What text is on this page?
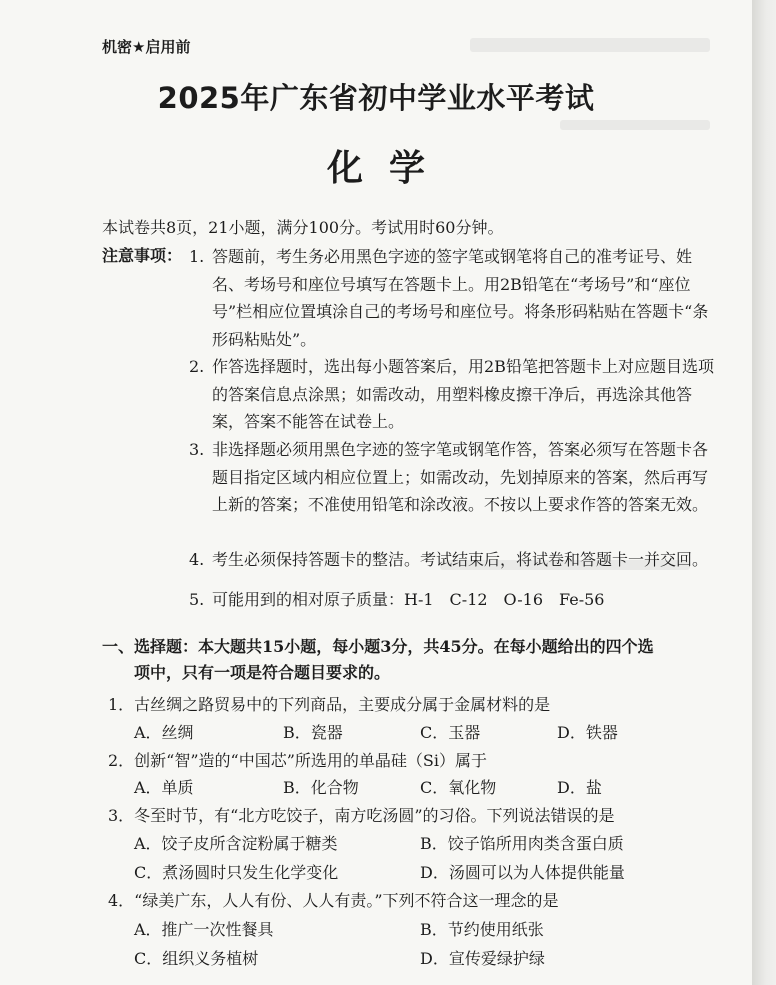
机密★启用前
2025年广东省初中学业水平考试
化学
本试卷共8页，21小题，满分100分。考试用时60分钟。
注意事项： 1. 答题前，考生务必用黑色字迹的签字笔或钢笔将自己的准考证号、姓名、考场号和座位号填写在答题卡上。用2B铅笔在“考场号”和“座位号”栏相应位置填涂自己的考场号和座位号。将条形码粘贴在答题卡“条形码粘贴处”。
2. 作答选择题时，选出每小题答案后，用2B铅笔把答题卡上对应题目选项的答案信息点涂黑；如需改动，用塑料橡皮擦干净后，再选涂其他答案，答案不能答在试卷上。
3. 非选择题必须用黑色字迹的签字笔或钢笔作答，答案必须写在答题卡各题目指定区域内相应位置上；如需改动，先划掉原来的答案，然后再写上新的答案；不准使用铅笔和涂改液。不按以上要求作答的答案无效。
4. 考生必须保持答题卡的整洁。考试结束后，将试卷和答题卡一并交回。
5. 可能用到的相对原子质量：H-1　C-12　O-16　Fe-56
一、选择题：本大题共15小题，每小题3分，共45分。在每小题给出的四个选
项中，只有一项是符合题目要求的。
1．古丝绸之路贸易中的下列商品，主要成分属于金属材料的是
A．丝绸	B．瓷器	C．玉器	D．铁器
2．创新“智”造的“中国芯”所选用的单晶硅（Si）属于
A．单质	B．化合物	C．氧化物	D．盐
3．冬至时节，有“北方吃饺子，南方吃汤圆”的习俗。下列说法错误的是
A．饺子皮所含淀粉属于糖类	B．饺子馅所用肉类含蛋白质
C．煮汤圆时只发生化学变化	D．汤圆可以为人体提供能量
4．“绿美广东，人人有份、人人有责。”下列不符合这一理念的是
A．推广一次性餐具	B．节约使用纸张
C．组织义务植树	D．宣传爱绿护绿
